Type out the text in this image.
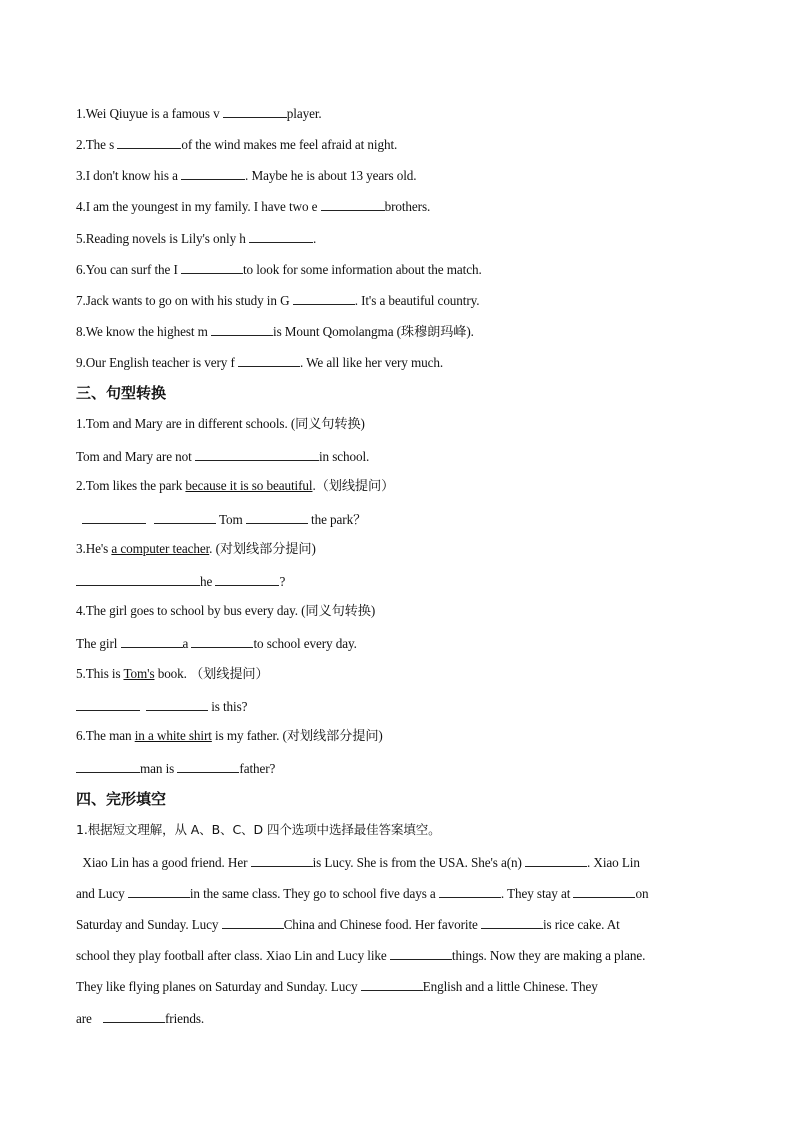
1.Wei Qiuyue is a famous v	player.
2.The s	of the wind makes me feel afraid at night.
3.I don't know his a	. Maybe he is about 13 years old.
4.I am the youngest in my family. I have two e	brothers.
5.Reading novels is Lily's only h	.
6.You can surf the I	to look for some information about the match.
7.Jack wants to go on with his study in G	. It's a beautiful country.
8.We know the highest m	is Mount Qomolangma (珠穆朗玛峰).
9.Our English teacher is very f	. We all like her very much.
三、句型转换
1.Tom and Mary are in different schools. (同义句转换)
Tom and Mary are not	in school.
2.Tom likes the park because it is so beautiful.（划线提问）
Tom	the park？
3.He's a computer teacher. (对划线部分提问)
he	?
4.The girl goes to school by bus every day. (同义句转换)
The girl	a	to school every day.
5.This is Tom's book. （划线提问）
is this?
6.The man in a white shirt is my father. (对划线部分提问)
man is	father?
四、完形填空
1.根据短文理解，从 A、B、C、D 四个选项中选择最佳答案填空。
Xiao Lin has a good friend. Her	is Lucy. She is from the USA. She's a(n)	. Xiao Lin
and Lucy	in the same class. They go to school five days a	. They stay at	on
Saturday and Sunday. Lucy	China and Chinese food. Her favorite	is rice cake. At
school they play football after class. Xiao Lin and Lucy like	things. Now they are making a plane.
They like flying planes on Saturday and Sunday. Lucy	English and a little Chinese. They
are	friends.
